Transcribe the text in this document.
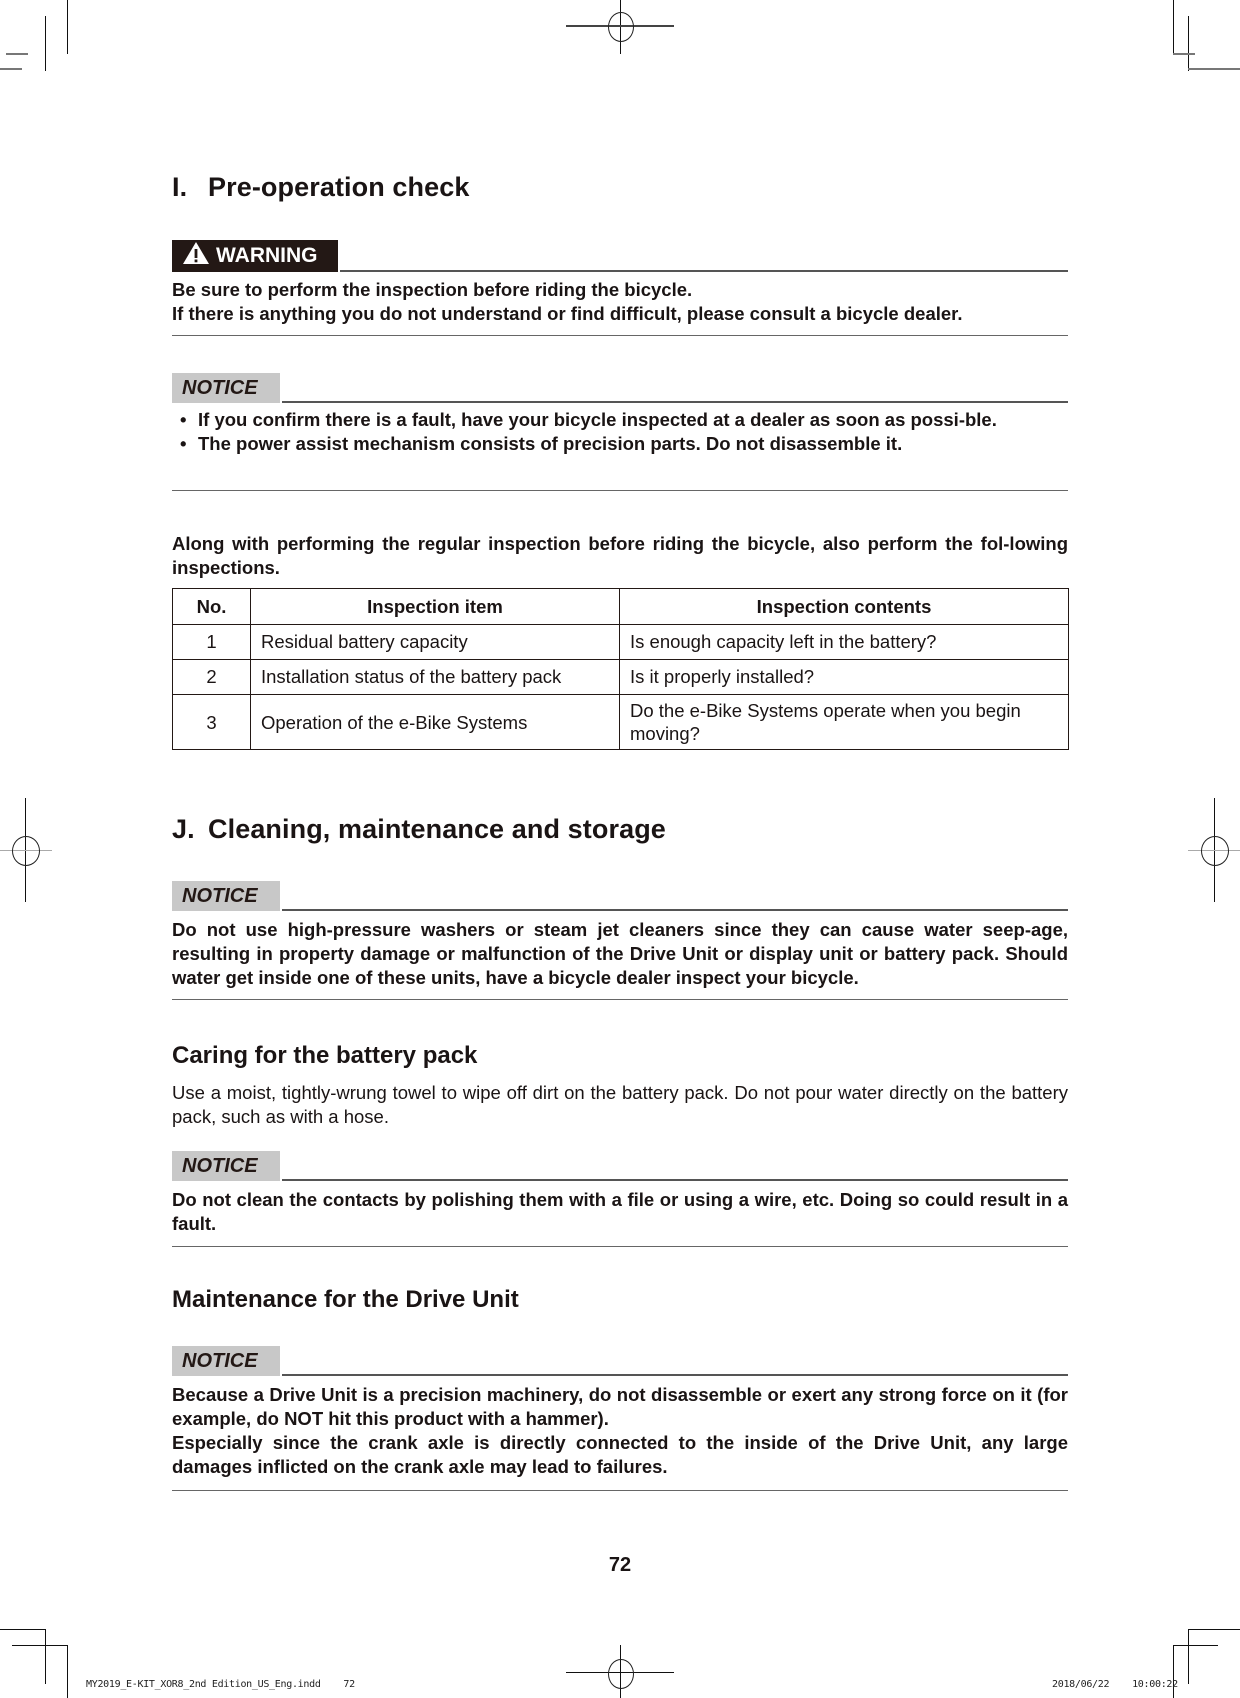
I. Pre-operation check
WARNING
Be sure to perform the inspection before riding the bicycle.
If there is anything you do not understand or find difficult, please consult a bicycle dealer.
NOTICE
• If you confirm there is a fault, have your bicycle inspected at a dealer as soon as possi-ble.
• The power assist mechanism consists of precision parts. Do not disassemble it.
Along with performing the regular inspection before riding the bicycle, also perform the fol-lowing inspections.
No.	Inspection item	Inspection contents
1	Residual battery capacity	Is enough capacity left in the battery?
2	Installation status of the battery pack	Is it properly installed?
3	Operation of the e-Bike Systems	Do the e-Bike Systems operate when you begin moving?
J. Cleaning, maintenance and storage
NOTICE
Do not use high-pressure washers or steam jet cleaners since they can cause water seep-age, resulting in property damage or malfunction of the Drive Unit or display unit or battery pack. Should water get inside one of these units, have a bicycle dealer inspect your bicycle.
Caring for the battery pack
Use a moist, tightly-wrung towel to wipe off dirt on the battery pack. Do not pour water directly on the battery pack, such as with a hose.
NOTICE
Do not clean the contacts by polishing them with a file or using a wire, etc. Doing so could result in a fault.
Maintenance for the Drive Unit
NOTICE
Because a Drive Unit is a precision machinery, do not disassemble or exert any strong force on it (for example, do NOT hit this product with a hammer).
Especially since the crank axle is directly connected to the inside of the Drive Unit, any large damages inflicted on the crank axle may lead to failures.
72
MY2019_E-KIT_XOR8_2nd Edition_US_Eng.indd    72	2018/06/22    10:00:22
